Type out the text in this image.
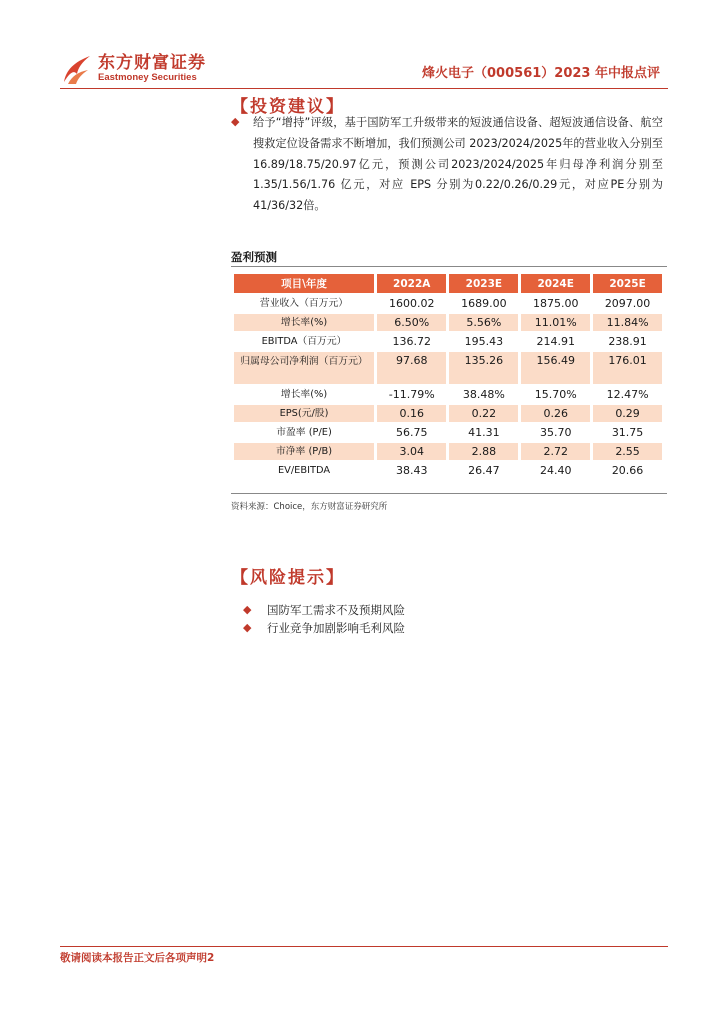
东方财富证券
Eastmoney Securities	烽火电子（000561）2023 年中报点评
【投资建议】
◆ 给予“增持”评级，基于国防军工升级带来的短波通信设备、超短波通信设备、航空搜救定位设备需求不断增加，我们预测公司 2023/2024/2025年的营业收入分别至16.89/18.75/20.97亿元，预测公司2023/2024/2025年归母净利润分别至 1.35/1.56/1.76 亿元，对应 EPS 分别为0.22/0.26/0.29元，对应PE分别为41/36/32倍。
盈利预测
项目\年度	2022A	2023E	2024E	2025E
营业收入（百万元）	1600.02	1689.00	1875.00	2097.00
增长率(%)	6.50%	5.56%	11.01%	11.84%
EBITDA（百万元）	136.72	195.43	214.91	238.91
归属母公司净利润（百万元）	97.68	135.26	156.49	176.01
增长率(%)	-11.79%	38.48%	15.70%	12.47%
EPS(元/股)	0.16	0.22	0.26	0.29
市盈率 (P/E)	56.75	41.31	35.70	31.75
市净率 (P/B)	3.04	2.88	2.72	2.55
EV/EBITDA	38.43	26.47	24.40	20.66
资料来源：Choice，东方财富证券研究所
【风险提示】
◆ 国防军工需求不及预期风险
◆ 行业竞争加剧影响毛利风险
敬请阅读本报告正文后各项声明2
